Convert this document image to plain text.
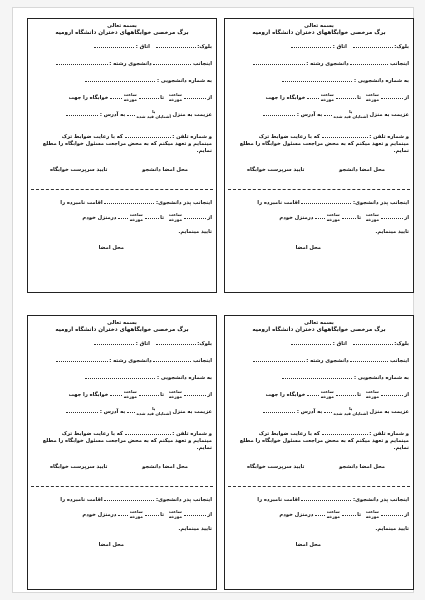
بسمه تعالی
برگ مرخصی خوابگاههای دختران دانشگاه ارومیه
بلوک:  اتاق :
اینجانب  دانشجوی رشته :
به شماره دانشجویی :
از  ساعت
مورخه تا  ساعت
مورخه  خوابگاه را جهت
عزیمت به منزل یا
آشنایان قید شده  به آدرس :
و شماره تلفن :  که با رعایت ضوابط ترک
مینمایم و تعهد میکنم که به محض مراجعت مسئول خوابگاه را مطلع نمایم.
محل امضا دانشجو
تایید سرپرست خوابگاه
اینجانب پدر دانشجوی:  اقامت نامبرده را
از  ساعت
مورخه تا  ساعت
مورخه  درمنزل خودم
تایید مینمایم.
محل امضا
بسمه تعالی
برگ مرخصی خوابگاههای دختران دانشگاه ارومیه
بلوک:  اتاق :
اینجانب  دانشجوی رشته :
به شماره دانشجویی :
از  ساعت
مورخه تا  ساعت
مورخه  خوابگاه را جهت
عزیمت به منزل یا
آشنایان قید شده  به آدرس :
و شماره تلفن :  که با رعایت ضوابط ترک
مینمایم و تعهد میکنم که به محض مراجعت مسئول خوابگاه را مطلع نمایم.
محل امضا دانشجو
تایید سرپرست خوابگاه
اینجانب پدر دانشجوی:  اقامت نامبرده را
از  ساعت
مورخه تا  ساعت
مورخه  درمنزل خودم
تایید مینمایم.
محل امضا
بسمه تعالی
برگ مرخصی خوابگاههای دختران دانشگاه ارومیه
بلوک:  اتاق :
اینجانب  دانشجوی رشته :
به شماره دانشجویی :
از  ساعت
مورخه تا  ساعت
مورخه  خوابگاه را جهت
عزیمت به منزل یا
آشنایان قید شده  به آدرس :
و شماره تلفن :  که با رعایت ضوابط ترک
مینمایم و تعهد میکنم که به محض مراجعت مسئول خوابگاه را مطلع نمایم.
محل امضا دانشجو
تایید سرپرست خوابگاه
اینجانب پدر دانشجوی:  اقامت نامبرده را
از  ساعت
مورخه تا  ساعت
مورخه  درمنزل خودم
تایید مینمایم.
محل امضا
بسمه تعالی
برگ مرخصی خوابگاههای دختران دانشگاه ارومیه
بلوک:  اتاق :
اینجانب  دانشجوی رشته :
به شماره دانشجویی :
از  ساعت
مورخه تا  ساعت
مورخه  خوابگاه را جهت
عزیمت به منزل یا
آشنایان قید شده  به آدرس :
و شماره تلفن :  که با رعایت ضوابط ترک
مینمایم و تعهد میکنم که به محض مراجعت مسئول خوابگاه را مطلع نمایم.
محل امضا دانشجو
تایید سرپرست خوابگاه
اینجانب پدر دانشجوی:  اقامت نامبرده را
از  ساعت
مورخه تا  ساعت
مورخه  درمنزل خودم
تایید مینمایم.
محل امضا
